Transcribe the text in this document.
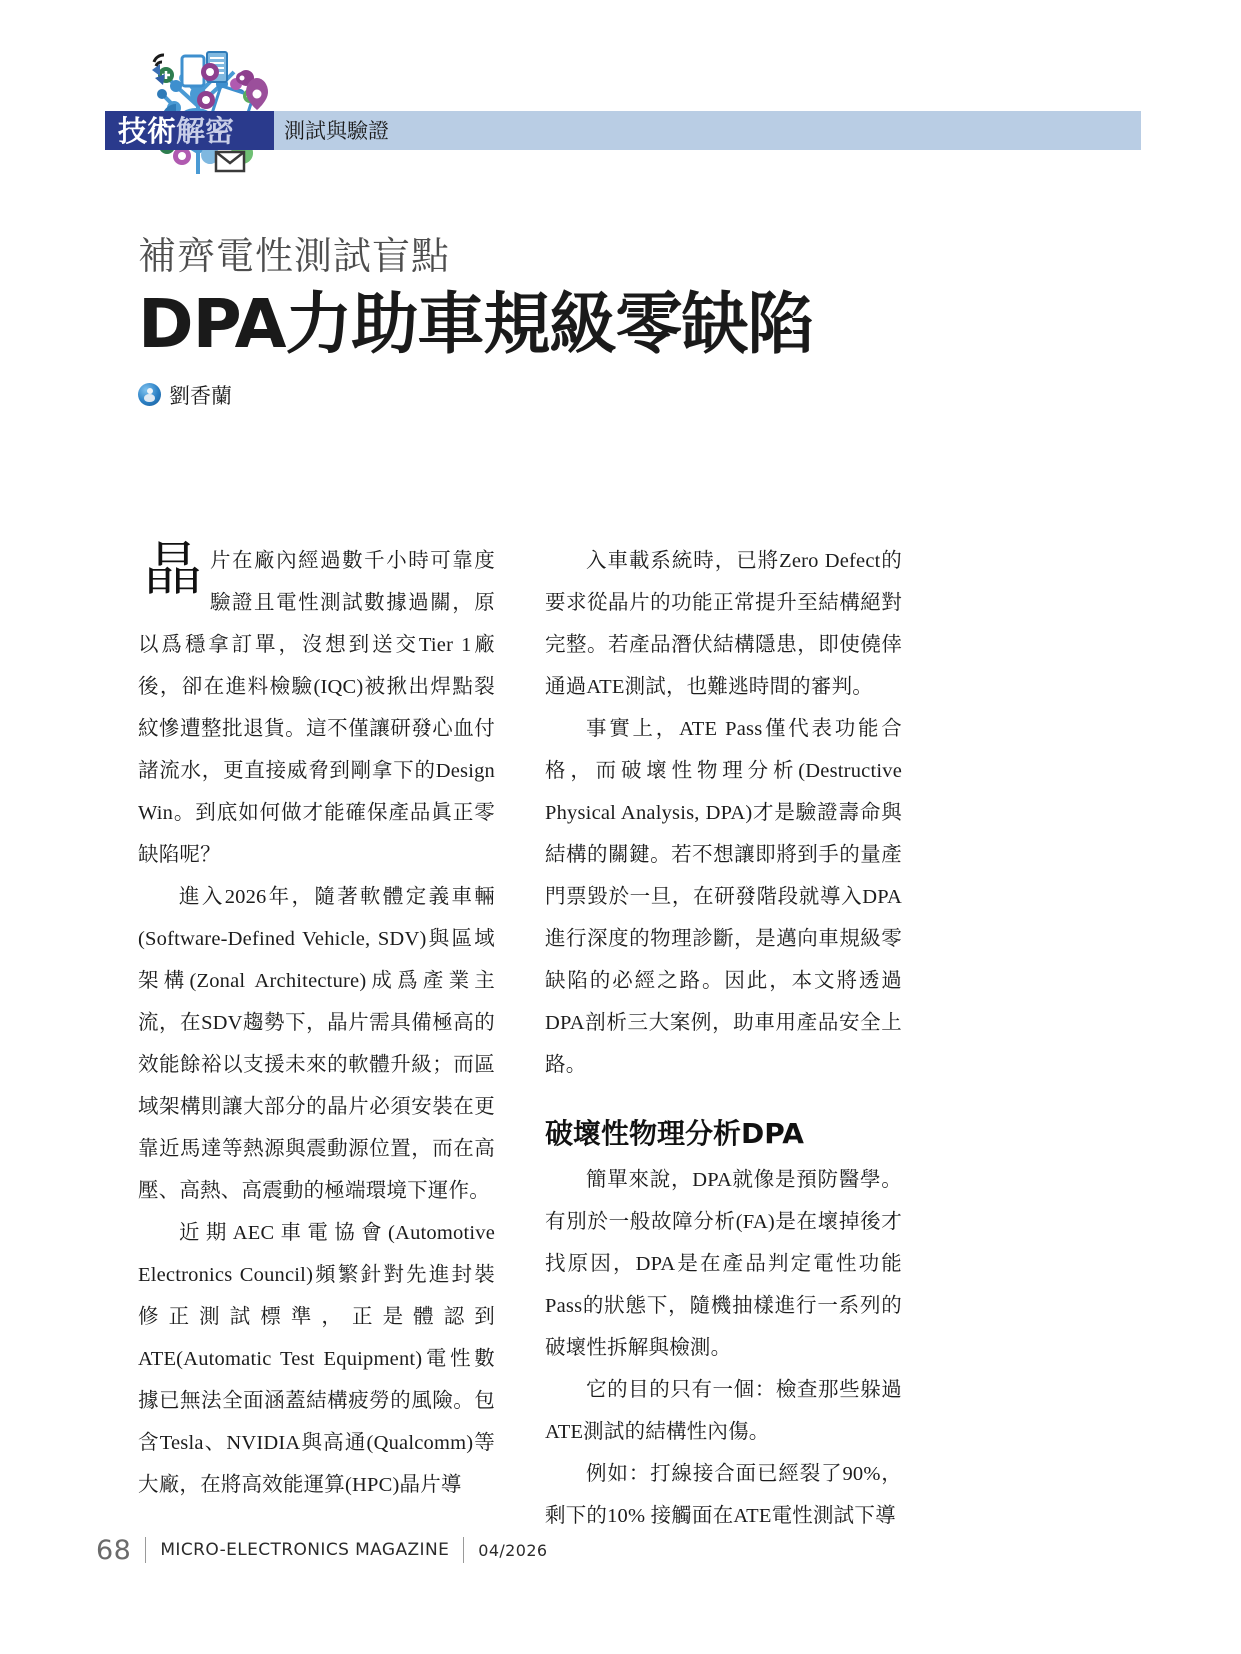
技術解密	測試與驗證
補齊電性測試盲點
DPA力助車規級零缺陷
劉香蘭

晶片在廠內經過數千小時可靠度驗證且電性測試數據過關，原以爲穩拿訂單，沒想到送交Tier 1廠後，卻在進料檢驗(IQC)被揪出焊點裂紋慘遭整批退貨。這不僅讓研發心血付諸流水，更直接威脅到剛拿下的Design Win。到底如何做才能確保產品眞正零缺陷呢？

進入2026年，隨著軟體定義車輛(Software-Defined Vehicle, SDV)與區域架構(Zonal Architecture)成爲產業主流，在SDV趨勢下，晶片需具備極高的效能餘裕以支援未來的軟體升級；而區域架構則讓大部分的晶片必須安裝在更靠近馬達等熱源與震動源位置，而在高壓、高熱、高震動的極端環境下運作。

近期AEC車電協會(Automotive Electronics Council)頻繁針對先進封裝修正測試標準，正是體認到ATE(Automatic Test Equipment)電性數據已無法全面涵蓋結構疲勞的風險。包含Tesla、NVIDIA與高通(Qualcomm)等大廠，在將高效能運算(HPC)晶片導

入車載系統時，已將Zero Defect的要求從晶片的功能正常提升至結構絕對完整。若產品潛伏結構隱患，即使僥倖通過ATE測試，也難逃時間的審判。

事實上，ATE Pass僅代表功能合格，而破壞性物理分析(Destructive Physical Analysis, DPA)才是驗證壽命與結構的關鍵。若不想讓即將到手的量產門票毀於一旦，在研發階段就導入DPA進行深度的物理診斷，是邁向車規級零缺陷的必經之路。因此，本文將透過DPA剖析三大案例，助車用產品安全上路。

破壞性物理分析DPA

簡單來說，DPA就像是預防醫學。有別於一般故障分析(FA)是在壞掉後才找原因，DPA是在產品判定電性功能Pass的狀態下，隨機抽樣進行一系列的破壞性拆解與檢測。

它的目的只有一個：檢查那些躲過ATE測試的結構性內傷。

例如：打線接合面已經裂了90%，剩下的10% 接觸面在ATE電性測試下導

68	MICRO-ELECTRONICS MAGAZINE	04/2026
